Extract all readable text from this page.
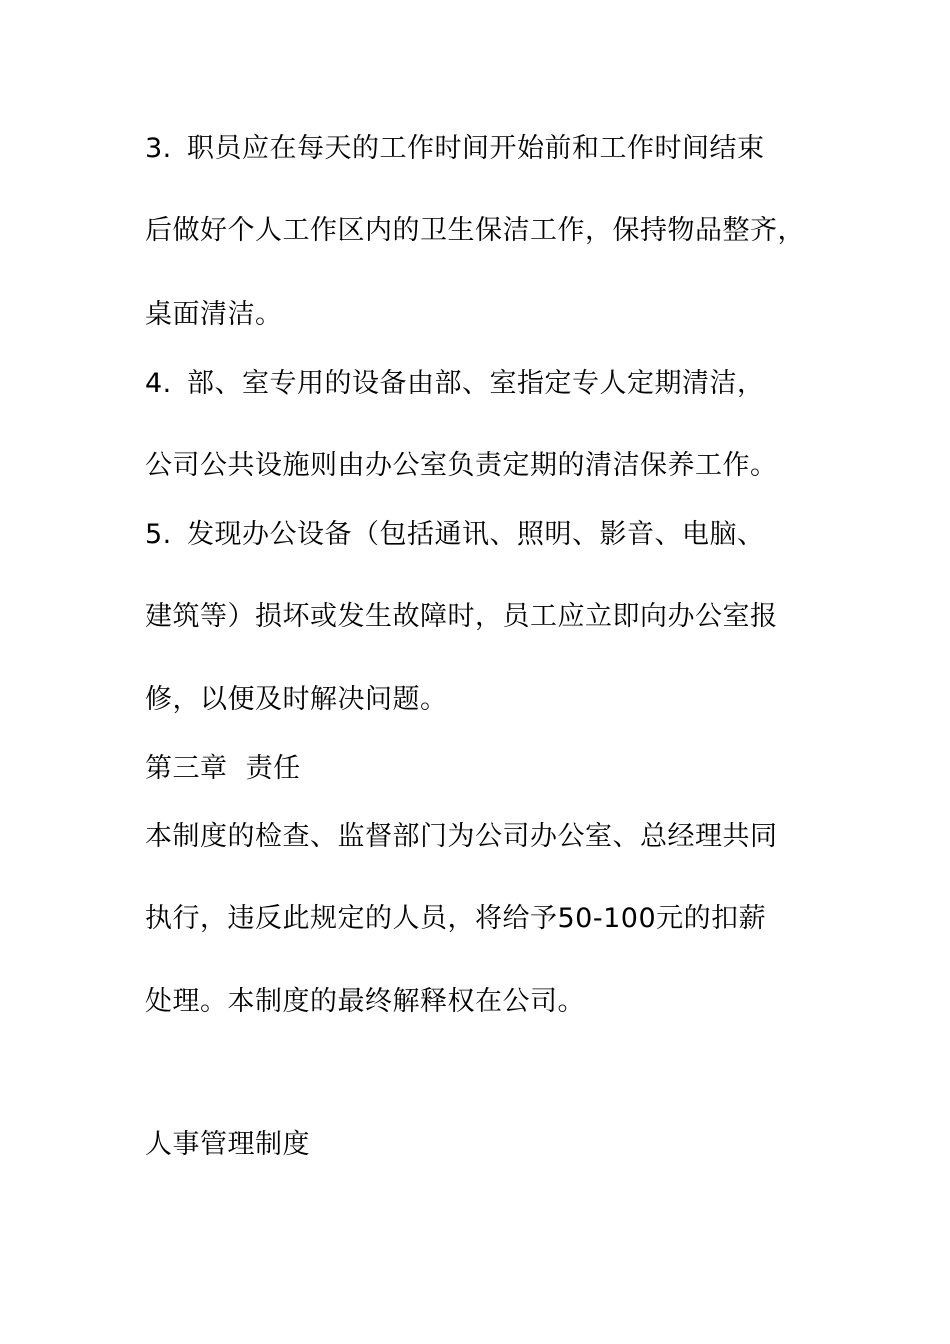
3. 职员应在每天的工作时间开始前和工作时间结束
后做好个人工作区内的卫生保洁工作，保持物品整齐，
桌面清洁。
4. 部、室专用的设备由部、室指定专人定期清洁，
公司公共设施则由办公室负责定期的清洁保养工作。
5. 发现办公设备（包括通讯、照明、影音、电脑、
建筑等）损坏或发生故障时，员工应立即向办公室报
修，以便及时解决问题。
第三章  责任
本制度的检查、监督部门为公司办公室、总经理共同
执行，违反此规定的人员，将给予50-100元的扣薪
处理。本制度的最终解释权在公司。
人事管理制度
